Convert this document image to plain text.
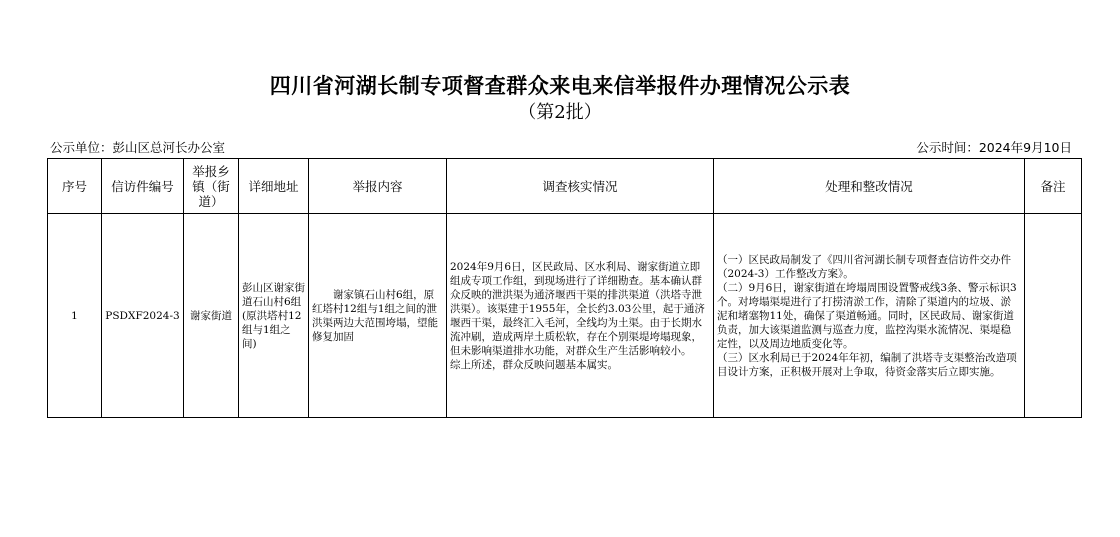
四川省河湖长制专项督查群众来电来信举报件办理情况公示表
（第2批）
公示单位：彭山区总河长办公室	公示时间：2024年9月10日
序号	信访件编号	举报乡镇（街道）	详细地址	举报内容	调查核实情况	处理和整改情况	备注
1	PSDXF2024-3	谢家街道	彭山区谢家街道石山村6组(原洪塔村12组与1组之间)	谢家镇石山村6组，原红塔村12组与1组之间的泄洪渠两边大范围垮塌，望能修复加固	2024年9月6日，区民政局、区水利局、谢家街道立即组成专项工作组，到现场进行了详细勘查。基本确认群众反映的泄洪渠为通济堰西干渠的排洪渠道（洪塔寺泄洪渠）。该渠建于1955年，全长约3.03公里，起于通济堰西干渠，最终汇入毛河，全线均为土渠。由于长期水流冲刷，造成两岸土质松软，存在个别渠堤垮塌现象，但未影响渠道排水功能，对群众生产生活影响较小。
综上所述，群众反映问题基本属实。	（一）区民政局制发了《四川省河湖长制专项督查信访件交办件（2024-3）工作整改方案》。
（二）9月6日，谢家街道在垮塌周围设置警戒线3条、警示标识3个。对垮塌渠堤进行了打捞清淤工作，清除了渠道内的垃圾、淤泥和堵塞物11处，确保了渠道畅通。同时，区民政局、谢家街道负责，加大该渠道监测与巡查力度，监控沟渠水流情况、渠堤稳定性，以及周边地质变化等。
（三）区水利局已于2024年年初，编制了洪塔寺支渠整治改造项目设计方案，正积极开展对上争取，待资金落实后立即实施。	
